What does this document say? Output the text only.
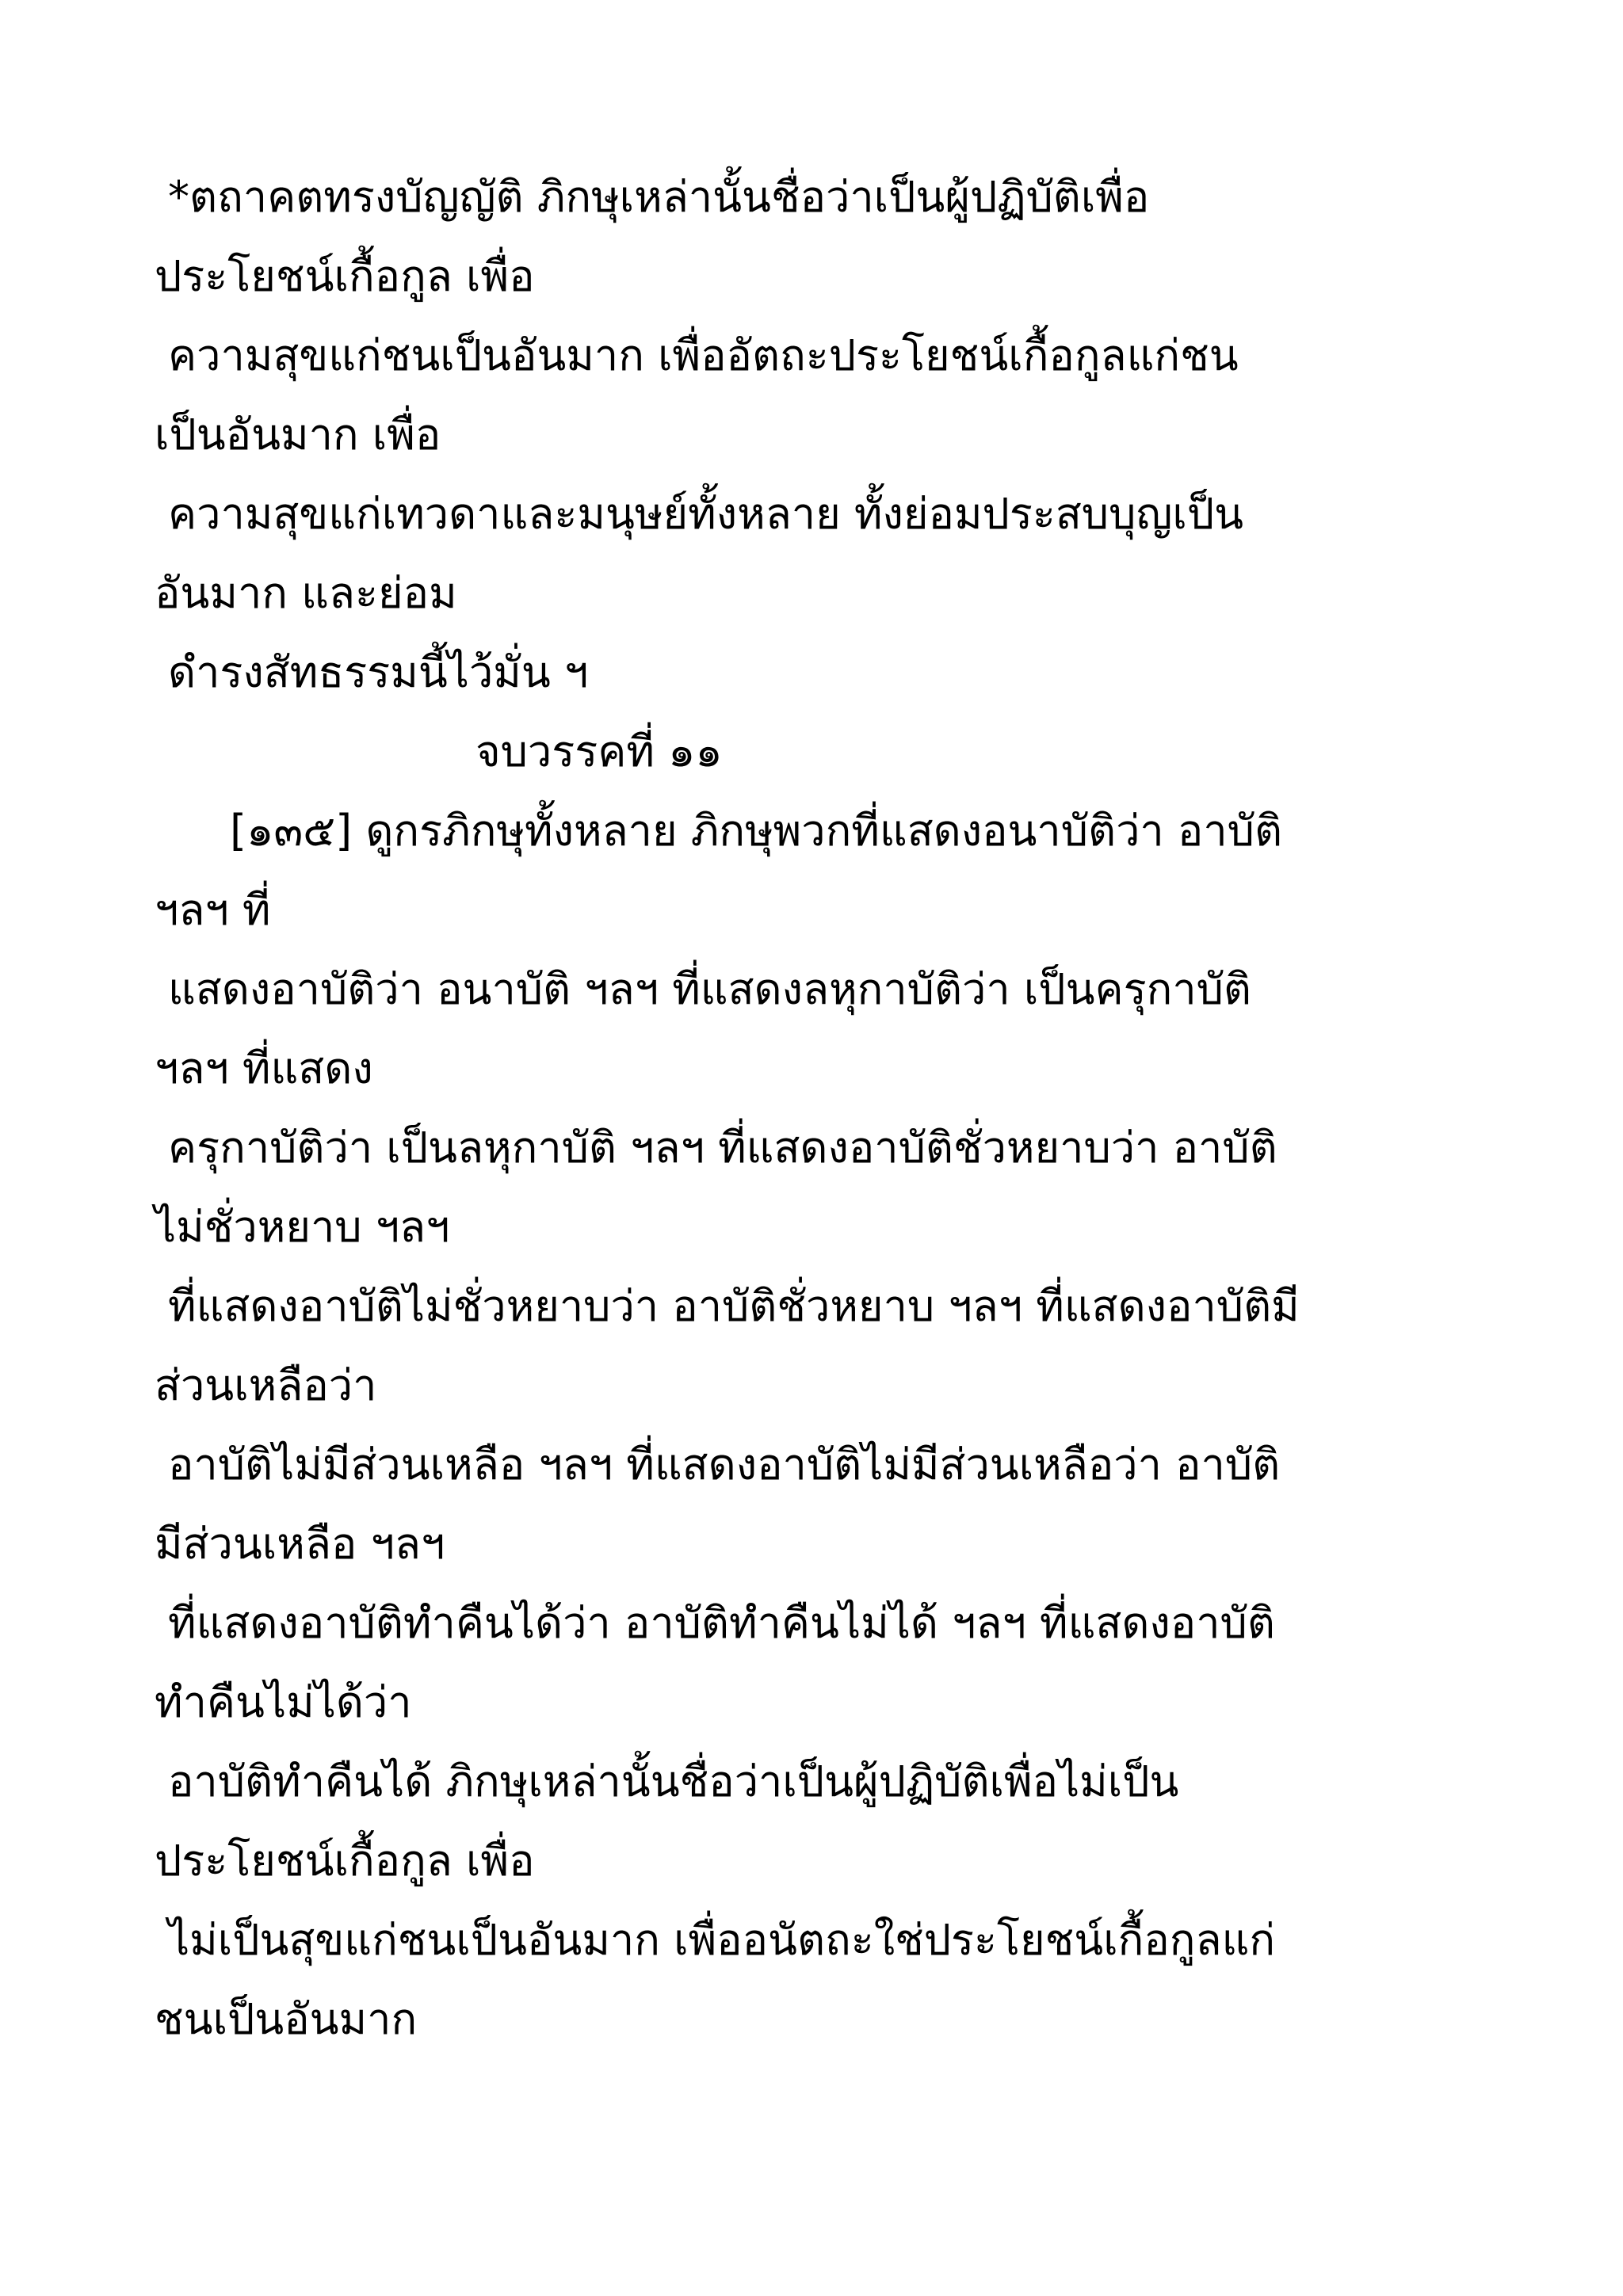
*ตถาคตทรงบัญญัติ ภิกษุเหล่านั้นชื่อว่าเป็นผู้ปฏิบัติเพื่อ

ประโยชน์เกื้อกูล เพื่อ

ความสุขแก่ชนเป็นอันมาก เพื่ออัตถะประโยชน์เกื้อกูลแก่ชน

เป็นอันมาก เพื่อ

ความสุขแก่เทวดาและมนุษย์ทั้งหลาย ทั้งย่อมประสบบุญเป็น

อันมาก และย่อม

ดำรงสัทธรรมนี้ไว้มั่น ฯ

จบวรรคที่ ๑๑

[๑๓๕] ดูกรภิกษุทั้งหลาย ภิกษุพวกที่แสดงอนาบัติว่า อาบัติ

ฯลฯ ที่

แสดงอาบัติว่า อนาบัติ ฯลฯ ที่แสดงลหุกาบัติว่า เป็นครุกาบัติ

ฯลฯ ที่แสดง

ครุกาบัติว่า เป็นลหุกาบัติ ฯลฯ ที่แสดงอาบัติชั่วหยาบว่า อาบัติ

ไม่ชั่วหยาบ ฯลฯ

ที่แสดงอาบัติไม่ชั่วหยาบว่า อาบัติชั่วหยาบ ฯลฯ ที่แสดงอาบัติมี

ส่วนเหลือว่า

อาบัติไม่มีส่วนเหลือ ฯลฯ ที่แสดงอาบัติไม่มีส่วนเหลือว่า อาบัติ

มีส่วนเหลือ ฯลฯ

ที่แสดงอาบัติทำคืนได้ว่า อาบัติทำคืนไม่ได้ ฯลฯ ที่แสดงอาบัติ

ทำคืนไม่ได้ว่า

อาบัติทำคืนได้ ภิกษุเหล่านั้นชื่อว่าเป็นผู้ปฏิบัติเพื่อไม่เป็น

ประโยชน์เกื้อกูล เพื่อ

ไม่เป็นสุขแก่ชนเป็นอันมาก เพื่ออนัตถะใช่ประโยชน์เกื้อกูลแก่

ชนเป็นอันมาก
